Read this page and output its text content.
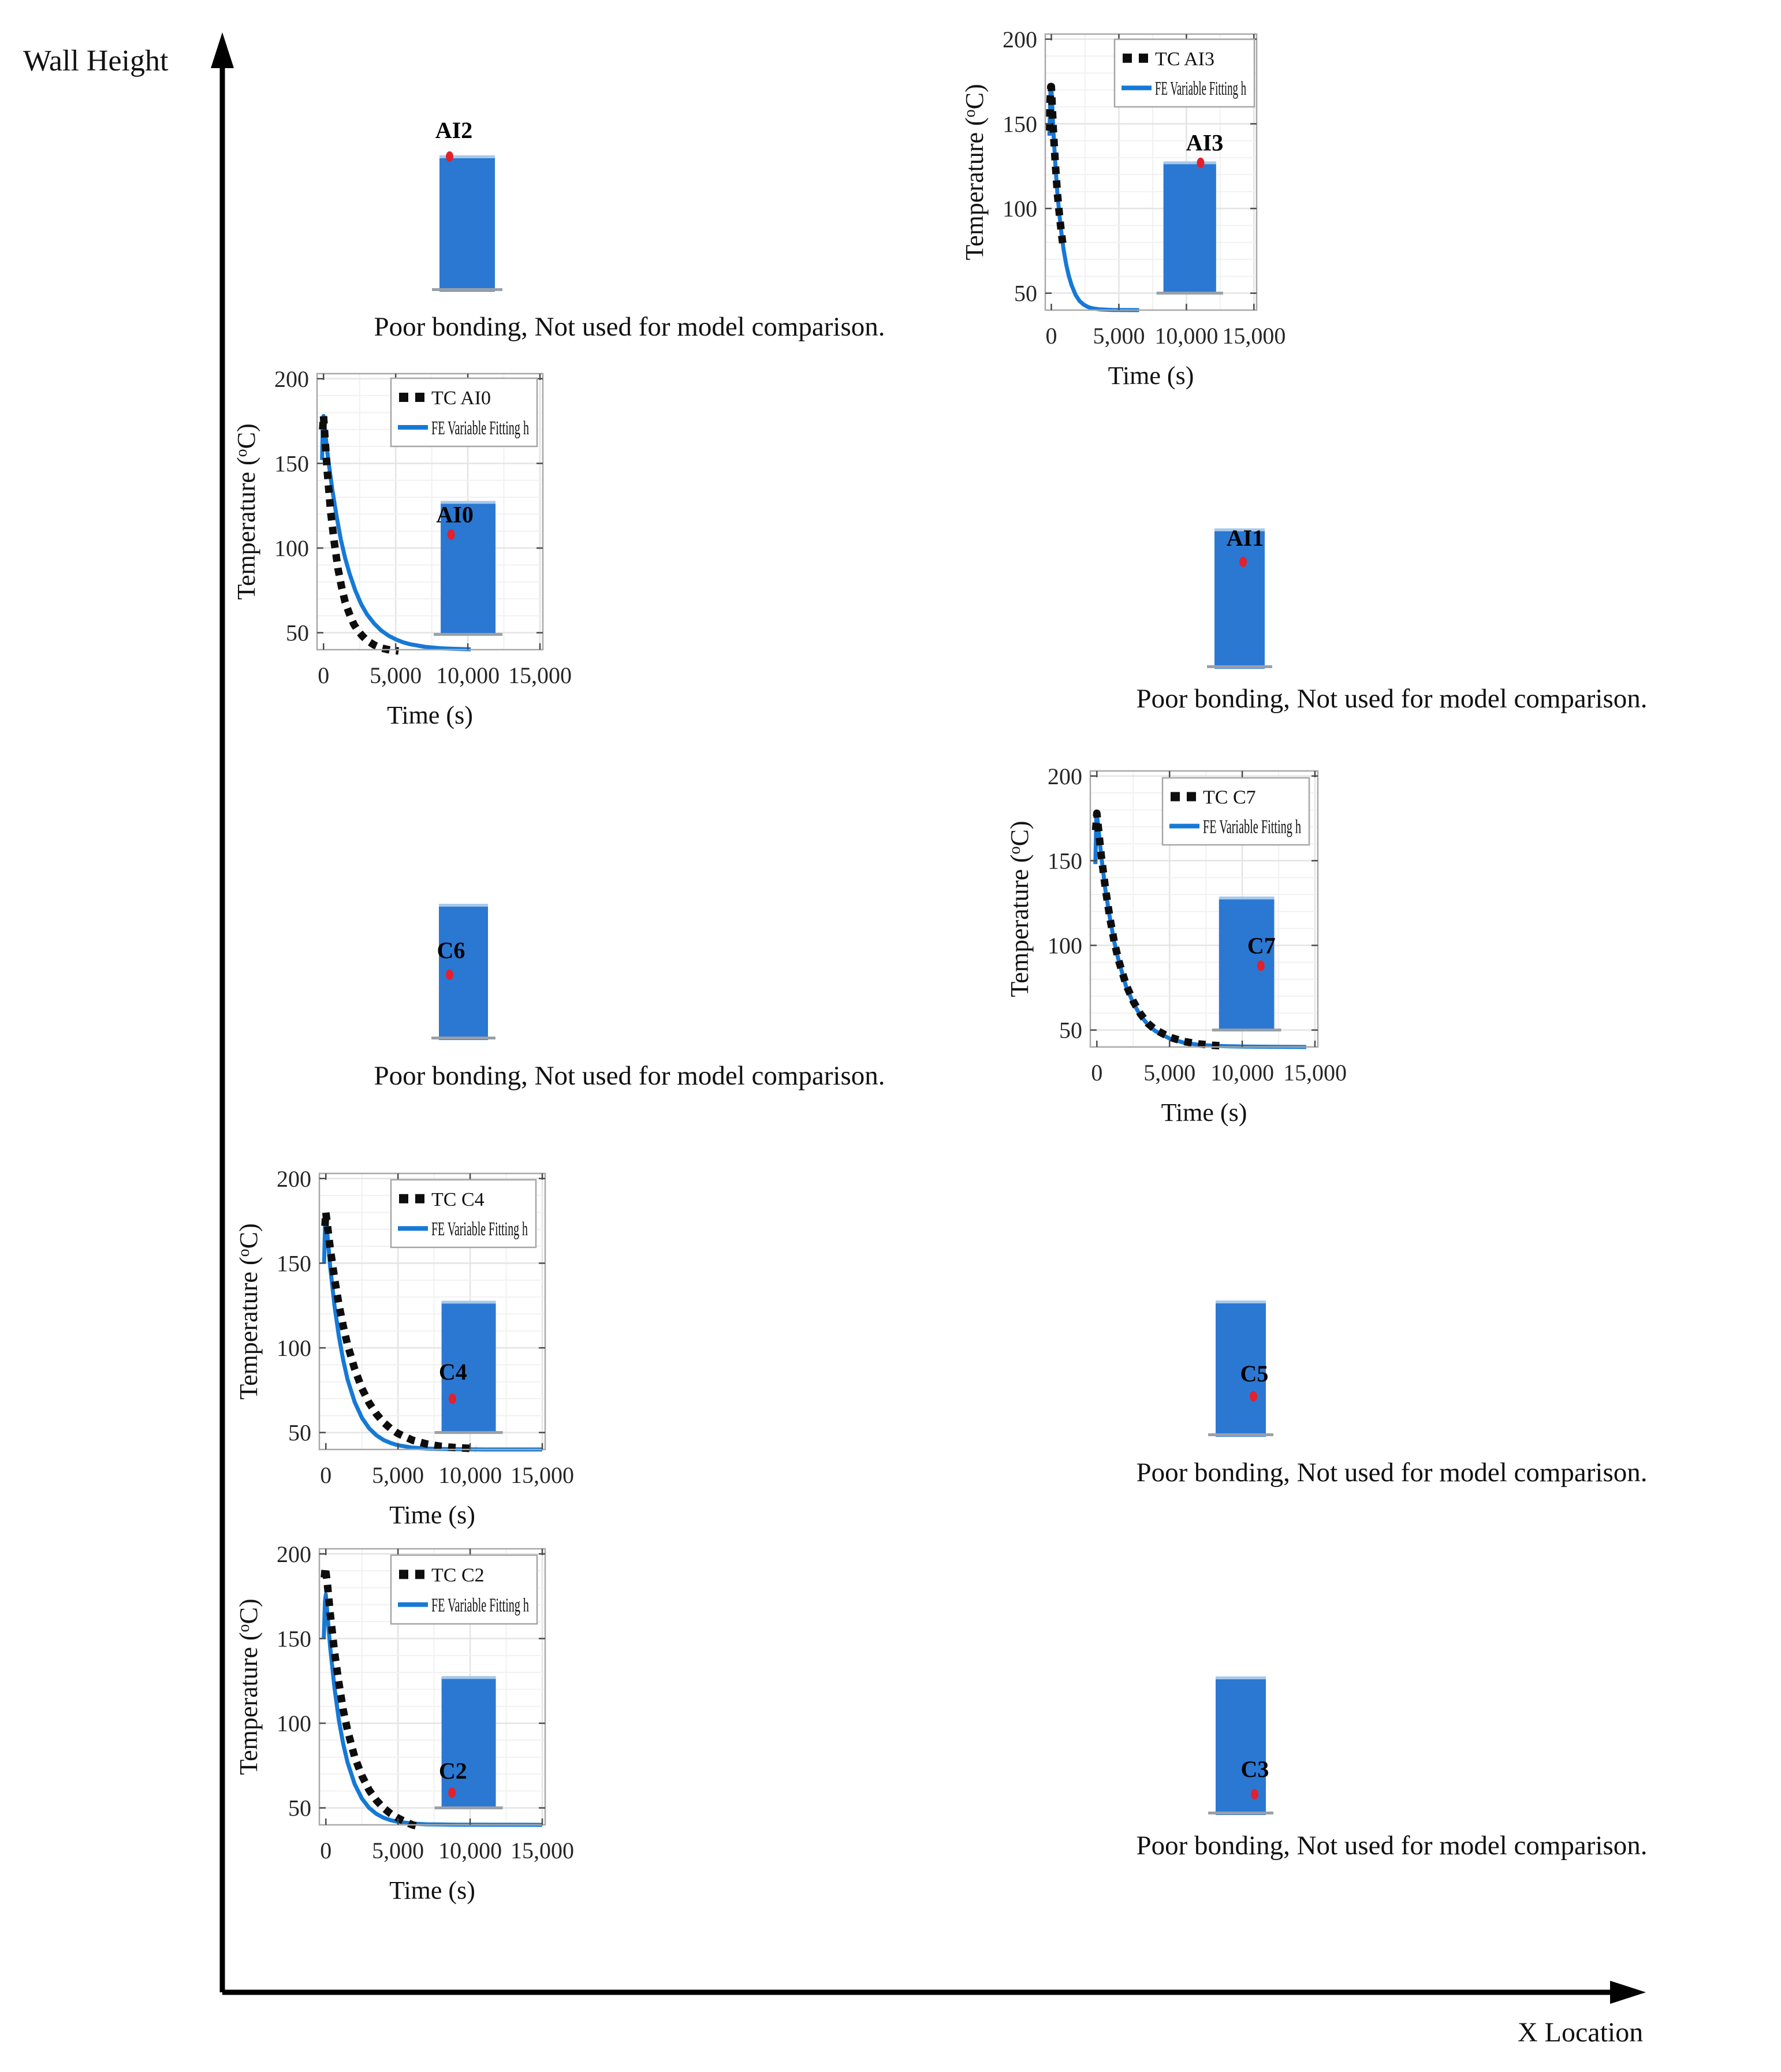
Wall Height
X Location
0 5,000 10,000 15,000
50
100
150
200
Time (s)
Temperature ($^o$C)
TC AI3
FE Variable Fitting h
AI3
0 5,000 10,000 15,000
50
100
150
200
Time (s)
Temperature ($^o$C)
TC AI0
FE Variable Fitting h
AI0
0 5,000 10,000 15,000
50
100
150
200
Time (s)
Temperature ($^o$C)
TC C7
FE Variable Fitting h
C7
0 5,000 10,000 15,000
50
100
150
200
Time (s)
Temperature ($^o$C)
TC C4
FE Variable Fitting h
C4
0 5,000 10,000 15,000
50
100
150
200
Time (s)
Temperature ($^o$C)
TC C2
FE Variable Fitting h
C2
AI2
Poor bonding, Not used for model comparison.
AI1
Poor bonding, Not used for model comparison.
C6
Poor bonding, Not used for model comparison.
C5
Poor bonding, Not used for model comparison.
C3
Poor bonding, Not used for model comparison.
